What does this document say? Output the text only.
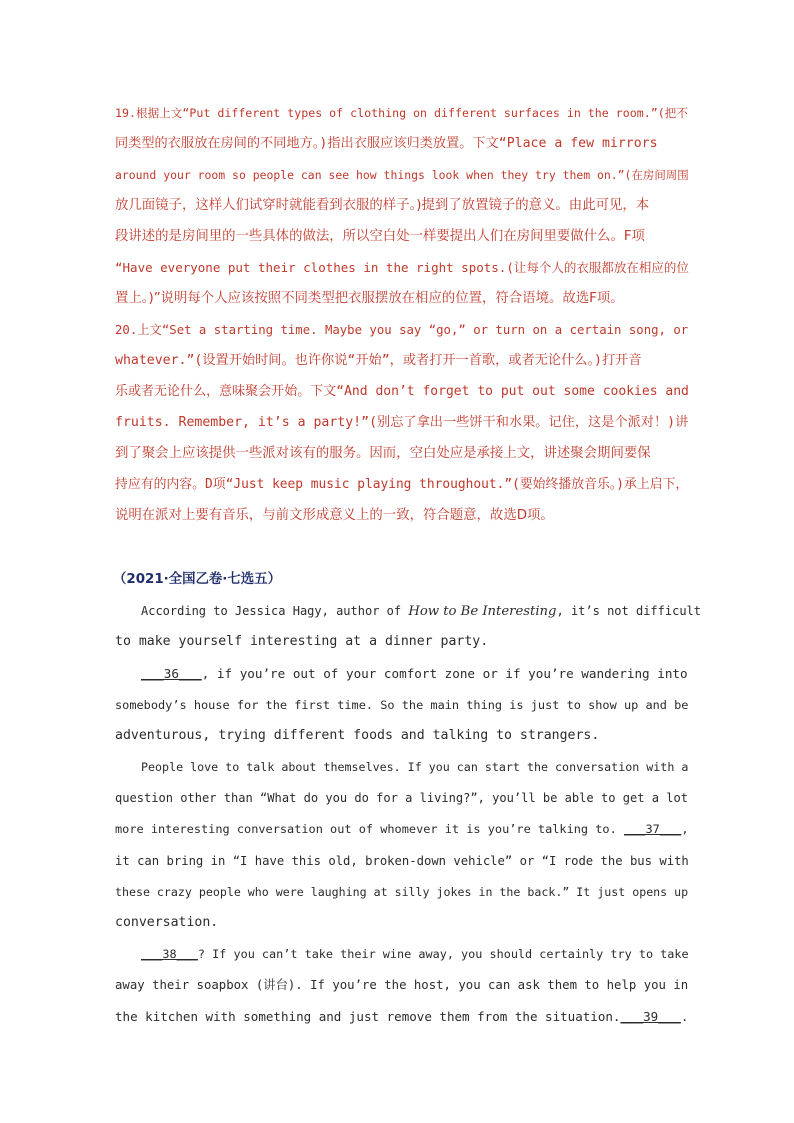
19.根据上文“Put different types of clothing on different surfaces in the room.”(把不
同类型的衣服放在房间的不同地方。)指出衣服应该归类放置。下文“Place a few mirrors
around your room so people can see how things look when they try them on.”(在房间周围
放几面镜子，这样人们试穿时就能看到衣服的样子。)提到了放置镜子的意义。由此可见，本
段讲述的是房间里的一些具体的做法，所以空白处一样要提出人们在房间里要做什么。F项
“Have everyone put their clothes in the right spots.(让每个人的衣服都放在相应的位
置上。)”说明每个人应该按照不同类型把衣服摆放在相应的位置，符合语境。故选F项。
20.上文“Set a starting time. Maybe you say “go,” or turn on a certain song, or
whatever.”(设置开始时间。也许你说“开始”，或者打开一首歌，或者无论什么。)打开音
乐或者无论什么，意味聚会开始。下文“And don’t forget to put out some cookies and
fruits. Remember, it’s a party!”(别忘了拿出一些饼干和水果。记住，这是个派对！)讲
到了聚会上应该提供一些派对该有的服务。因而，空白处应是承接上文，讲述聚会期间要保
持应有的内容。D项“Just keep music playing throughout.”(要始终播放音乐。)承上启下，
说明在派对上要有音乐，与前文形成意义上的一致，符合题意，故选D项。
（2021·全国乙卷·七选五）
According to Jessica Hagy, author of How to Be Interesting, it’s not difficult
to make yourself interesting at a dinner party.
___36___, if you’re out of your comfort zone or if you’re wandering into
somebody’s house for the first time. So the main thing is just to show up and be
adventurous, trying different foods and talking to strangers.
People love to talk about themselves. If you can start the conversation with a
question other than “What do you do for a living?”, you’ll be able to get a lot
more interesting conversation out of whomever it is you’re talking to. ___37___,
it can bring in “I have this old, broken-down vehicle” or “I rode the bus with
these crazy people who were laughing at silly jokes in the back.” It just opens up
conversation.
___38___? If you can’t take their wine away, you should certainly try to take
away their soapbox (讲台). If you’re the host, you can ask them to help you in
the kitchen with something and just remove them from the situation.___39___.
